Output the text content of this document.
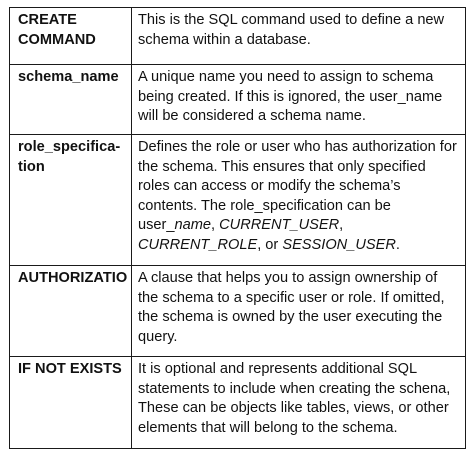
CREATE COMMAND	This is the SQL command used to define a new schema within a database.
schema_name	A unique name you need to assign to schema being created. If this is ignored, the user_name will be considered a schema name.
role_specifica-tion	Defines the role or user who has authorization for the schema. This ensures that only specified roles can access or modify the schema’s contents. The role_specification can be user_name, CURRENT_USER, CURRENT_ROLE, or SESSION_USER.
AUTHORIZATIO	A clause that helps you to assign ownership of the schema to a specific user or role. If omitted, the schema is owned by the user executing the query.
IF NOT EXISTS	It is optional and represents additional SQL statements to include when creating the schena, These can be objects like tables, views, or other elements that will belong to the schema.
